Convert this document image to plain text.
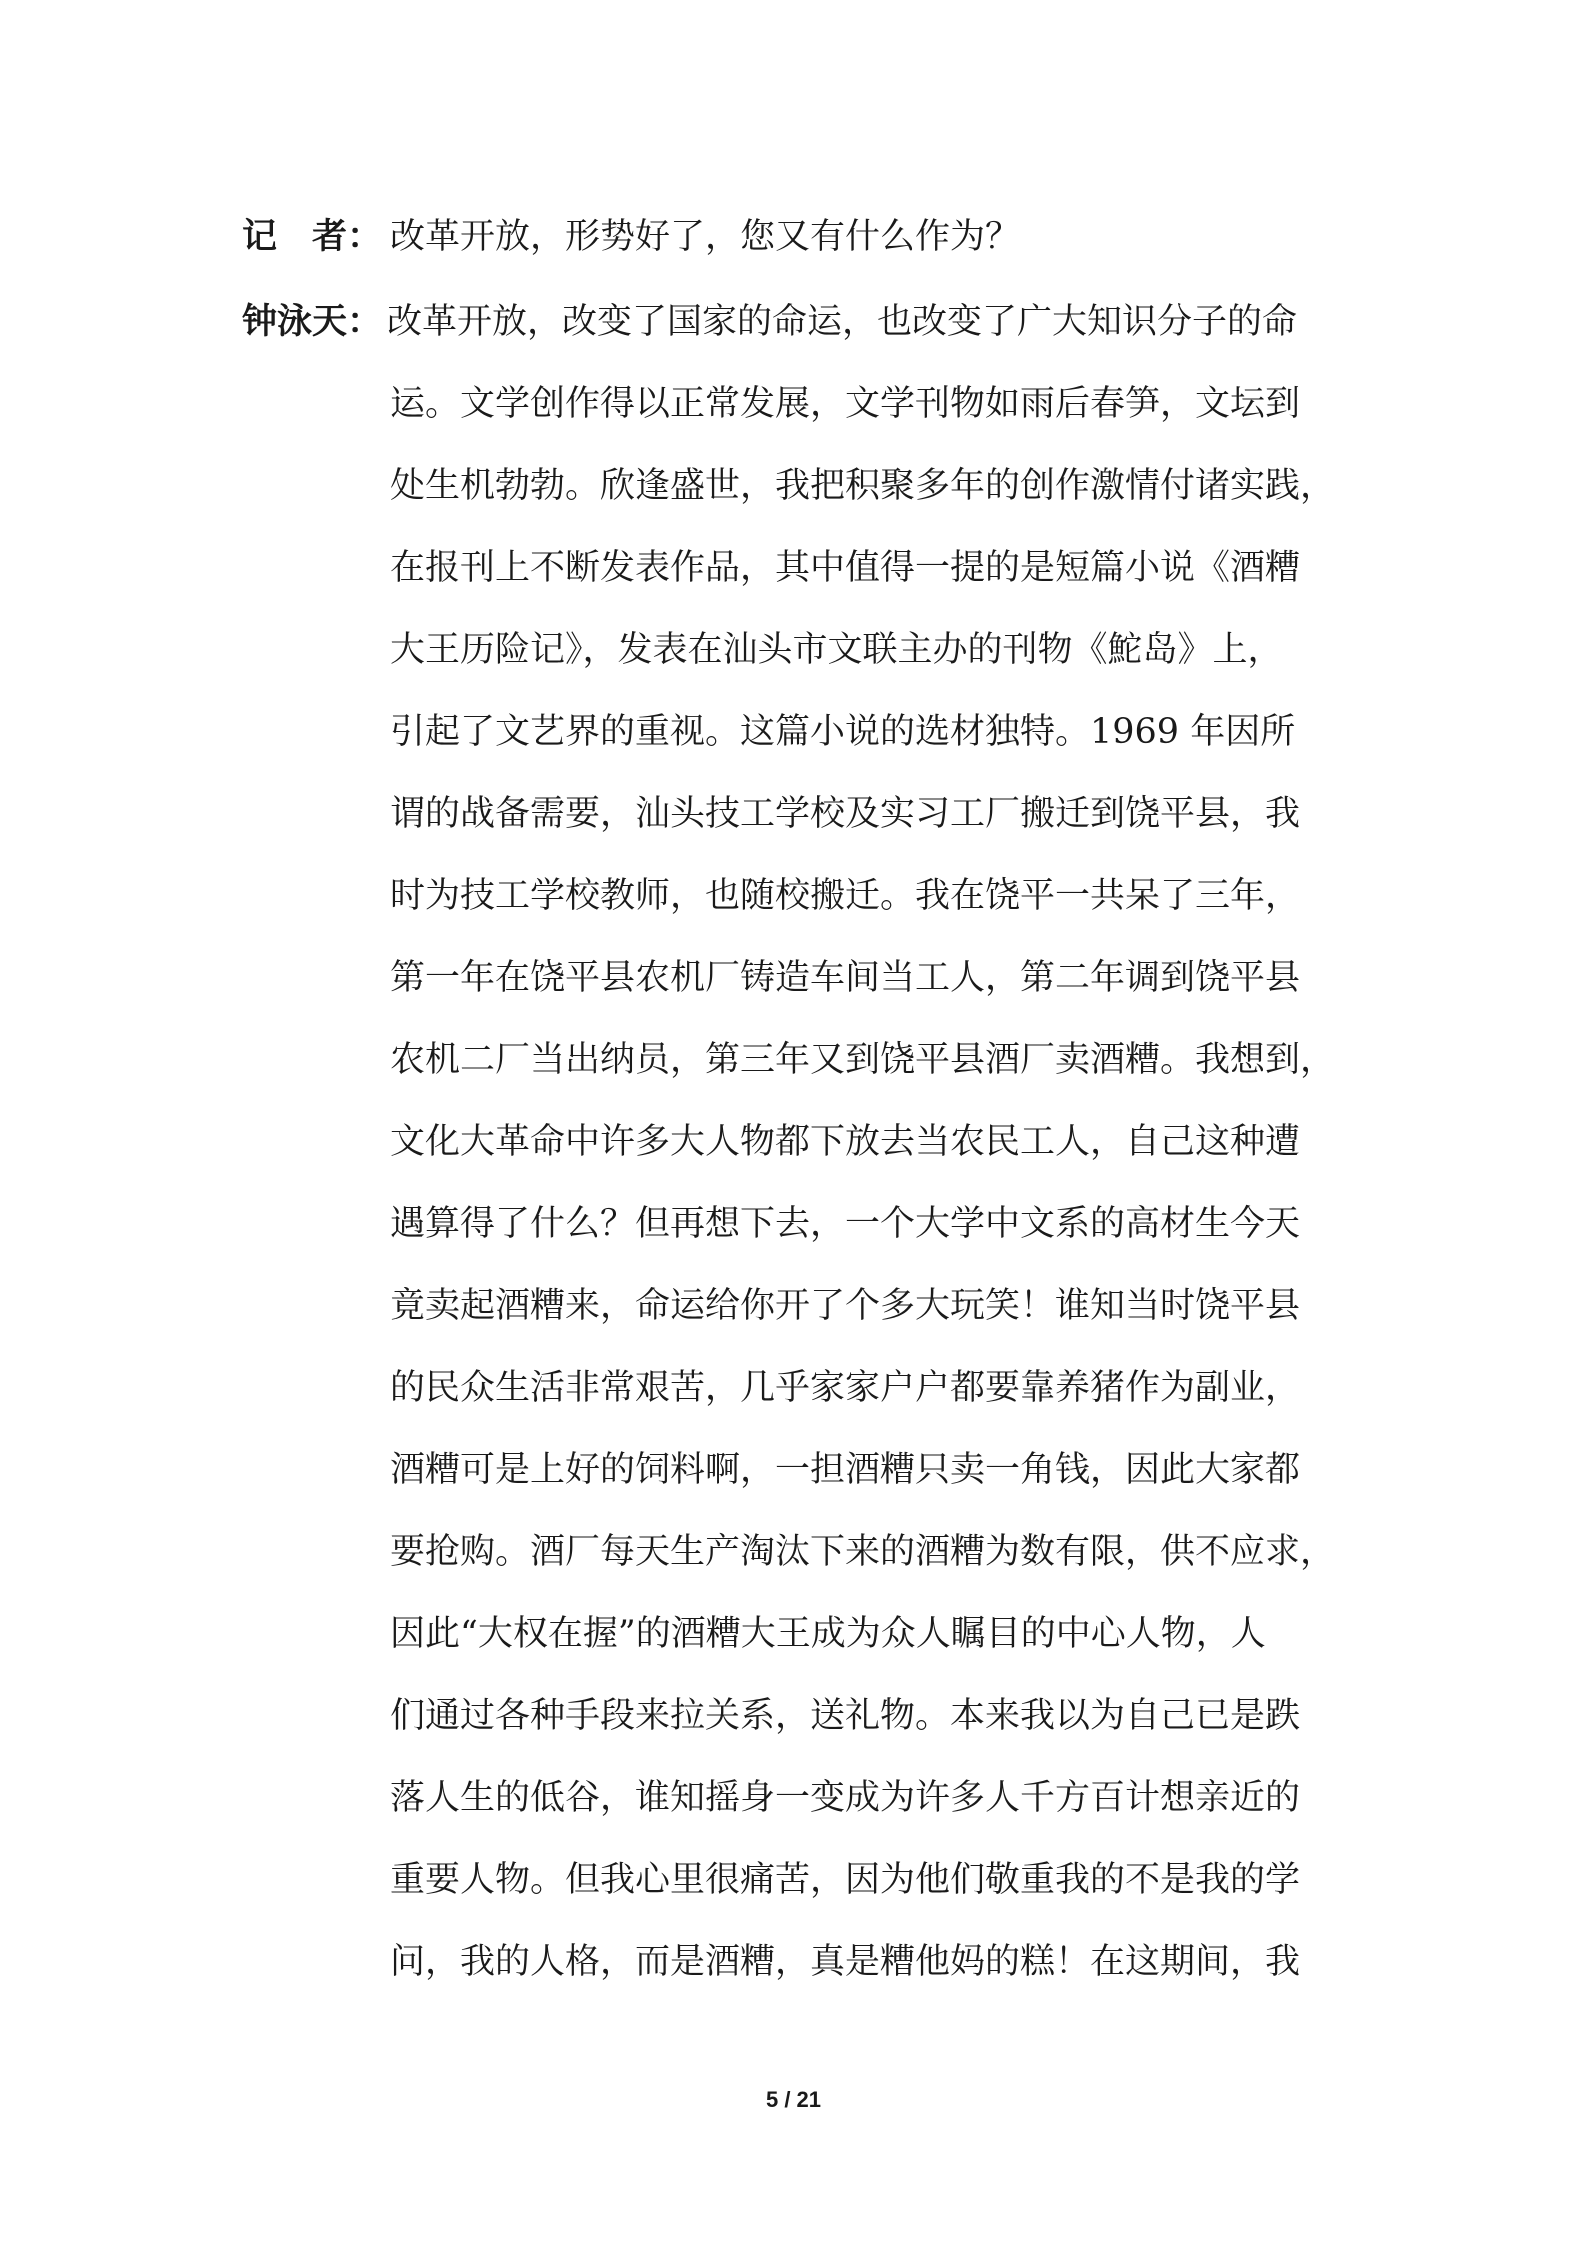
记　者： 改革开放，形势好了，您又有什么作为？
钟泳天： 改革开放，改变了国家的命运，也改变了广大知识分子的命
运。文学创作得以正常发展，文学刊物如雨后春笋，文坛到
处生机勃勃。欣逢盛世，我把积聚多年的创作激情付诸实践，
在报刊上不断发表作品，其中值得一提的是短篇小说《酒糟
大王历险记》，发表在汕头市文联主办的刊物《鮀岛》上，
引起了文艺界的重视。这篇小说的选材独特。1969 年因所
谓的战备需要，汕头技工学校及实习工厂搬迁到饶平县，我
时为技工学校教师，也随校搬迁。我在饶平一共呆了三年，
第一年在饶平县农机厂铸造车间当工人，第二年调到饶平县
农机二厂当出纳员，第三年又到饶平县酒厂卖酒糟。我想到，
文化大革命中许多大人物都下放去当农民工人，自己这种遭
遇算得了什么？但再想下去，一个大学中文系的高材生今天
竟卖起酒糟来，命运给你开了个多大玩笑！谁知当时饶平县
的民众生活非常艰苦，几乎家家户户都要靠养猪作为副业，
酒糟可是上好的饲料啊，一担酒糟只卖一角钱，因此大家都
要抢购。酒厂每天生产淘汰下来的酒糟为数有限，供不应求，
因此“大权在握”的酒糟大王成为众人瞩目的中心人物，人
们通过各种手段来拉关系，送礼物。本来我以为自己已是跌
落人生的低谷，谁知摇身一变成为许多人千方百计想亲近的
重要人物。但我心里很痛苦，因为他们敬重我的不是我的学
问，我的人格，而是酒糟，真是糟他妈的糕！在这期间，我
5 / 21
